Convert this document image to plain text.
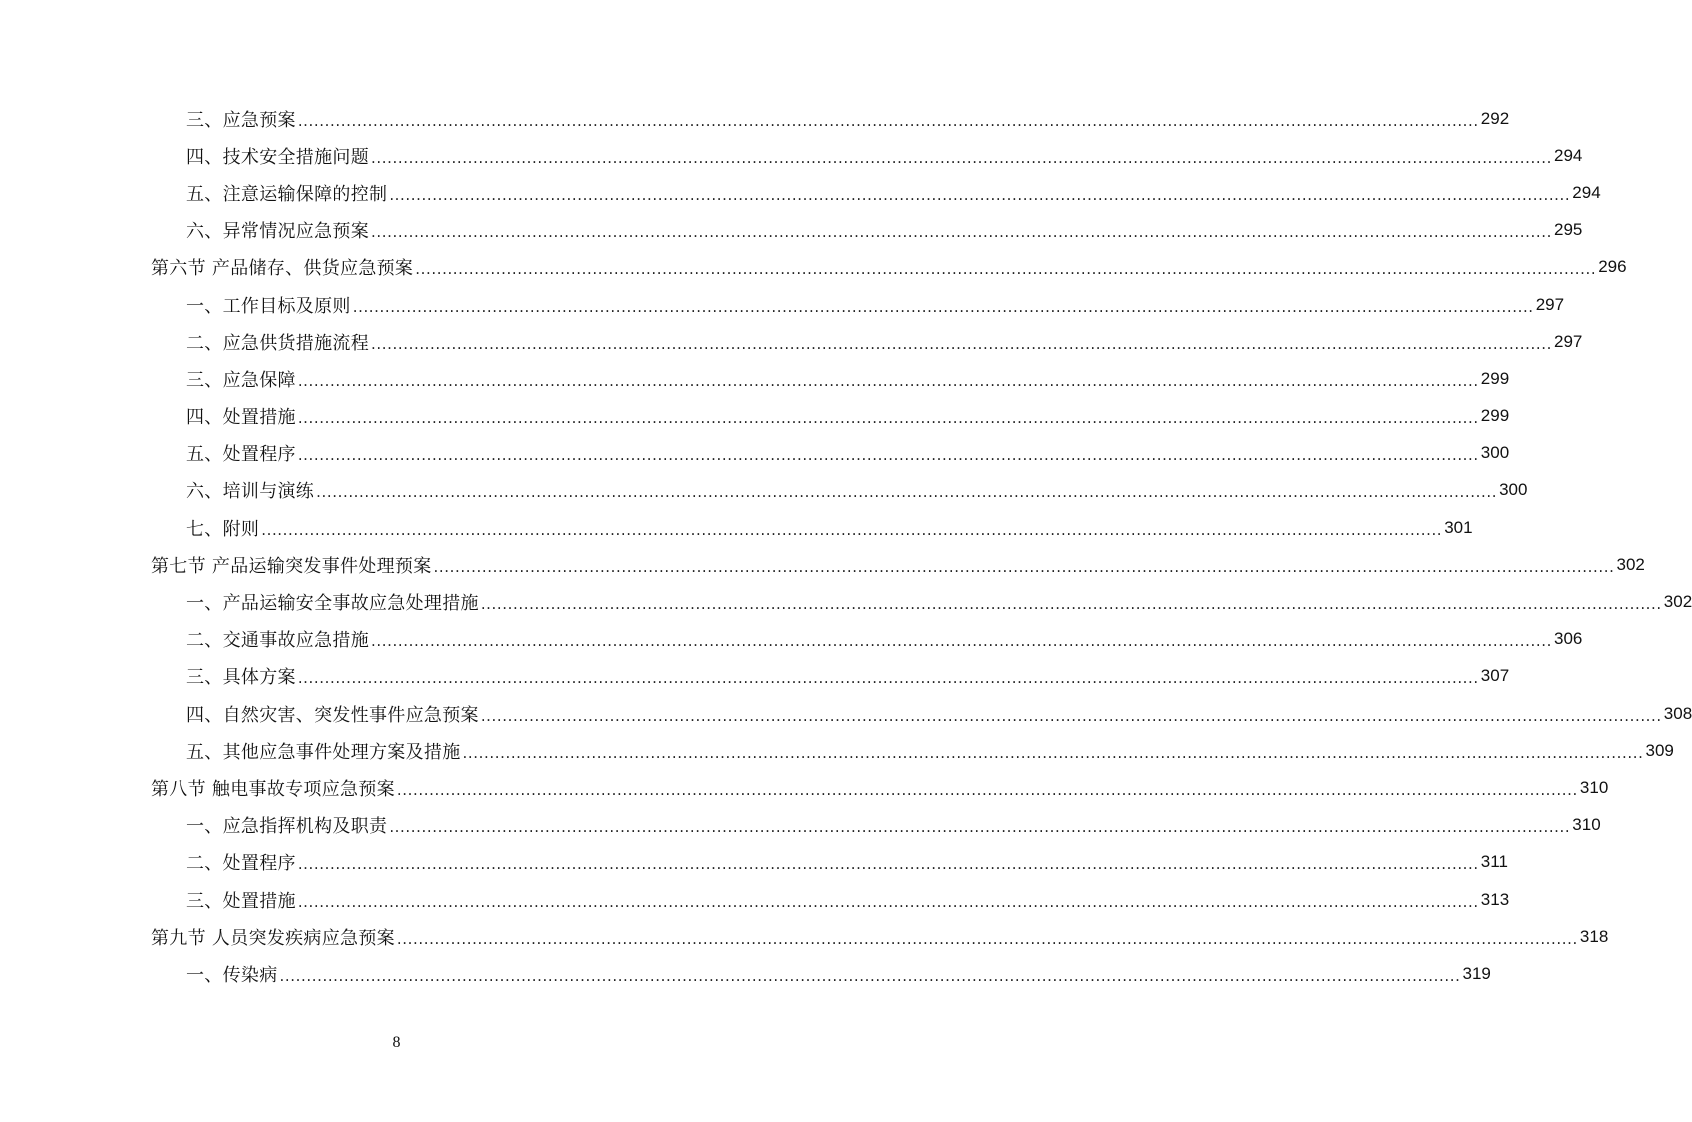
三、应急预案 ............................................................................................................................................................................................................................ 292
四、技术安全措施问题 ............................................................................................................................................................................................................................ 294
五、注意运输保障的控制 ............................................................................................................................................................................................................................ 294
六、异常情况应急预案 ............................................................................................................................................................................................................................ 295
第六节 产品储存、供货应急预案 ............................................................................................................................................................................................................................ 296
一、工作目标及原则 ............................................................................................................................................................................................................................ 297
二、应急供货措施流程 ............................................................................................................................................................................................................................ 297
三、应急保障 ............................................................................................................................................................................................................................ 299
四、处置措施 ............................................................................................................................................................................................................................ 299
五、处置程序 ............................................................................................................................................................................................................................ 300
六、培训与演练 ............................................................................................................................................................................................................................ 300
七、附则 ............................................................................................................................................................................................................................ 301
第七节 产品运输突发事件处理预案 ............................................................................................................................................................................................................................ 302
一、产品运输安全事故应急处理措施 ............................................................................................................................................................................................................................ 302
二、交通事故应急措施 ............................................................................................................................................................................................................................ 306
三、具体方案 ............................................................................................................................................................................................................................ 307
四、自然灾害、突发性事件应急预案 ............................................................................................................................................................................................................................ 308
五、其他应急事件处理方案及措施 ............................................................................................................................................................................................................................ 309
第八节 触电事故专项应急预案 ............................................................................................................................................................................................................................ 310
一、应急指挥机构及职责 ............................................................................................................................................................................................................................ 310
二、处置程序 ............................................................................................................................................................................................................................ 311
三、处置措施 ............................................................................................................................................................................................................................ 313
第九节 人员突发疾病应急预案 ............................................................................................................................................................................................................................ 318
一、传染病 ............................................................................................................................................................................................................................ 319
8
